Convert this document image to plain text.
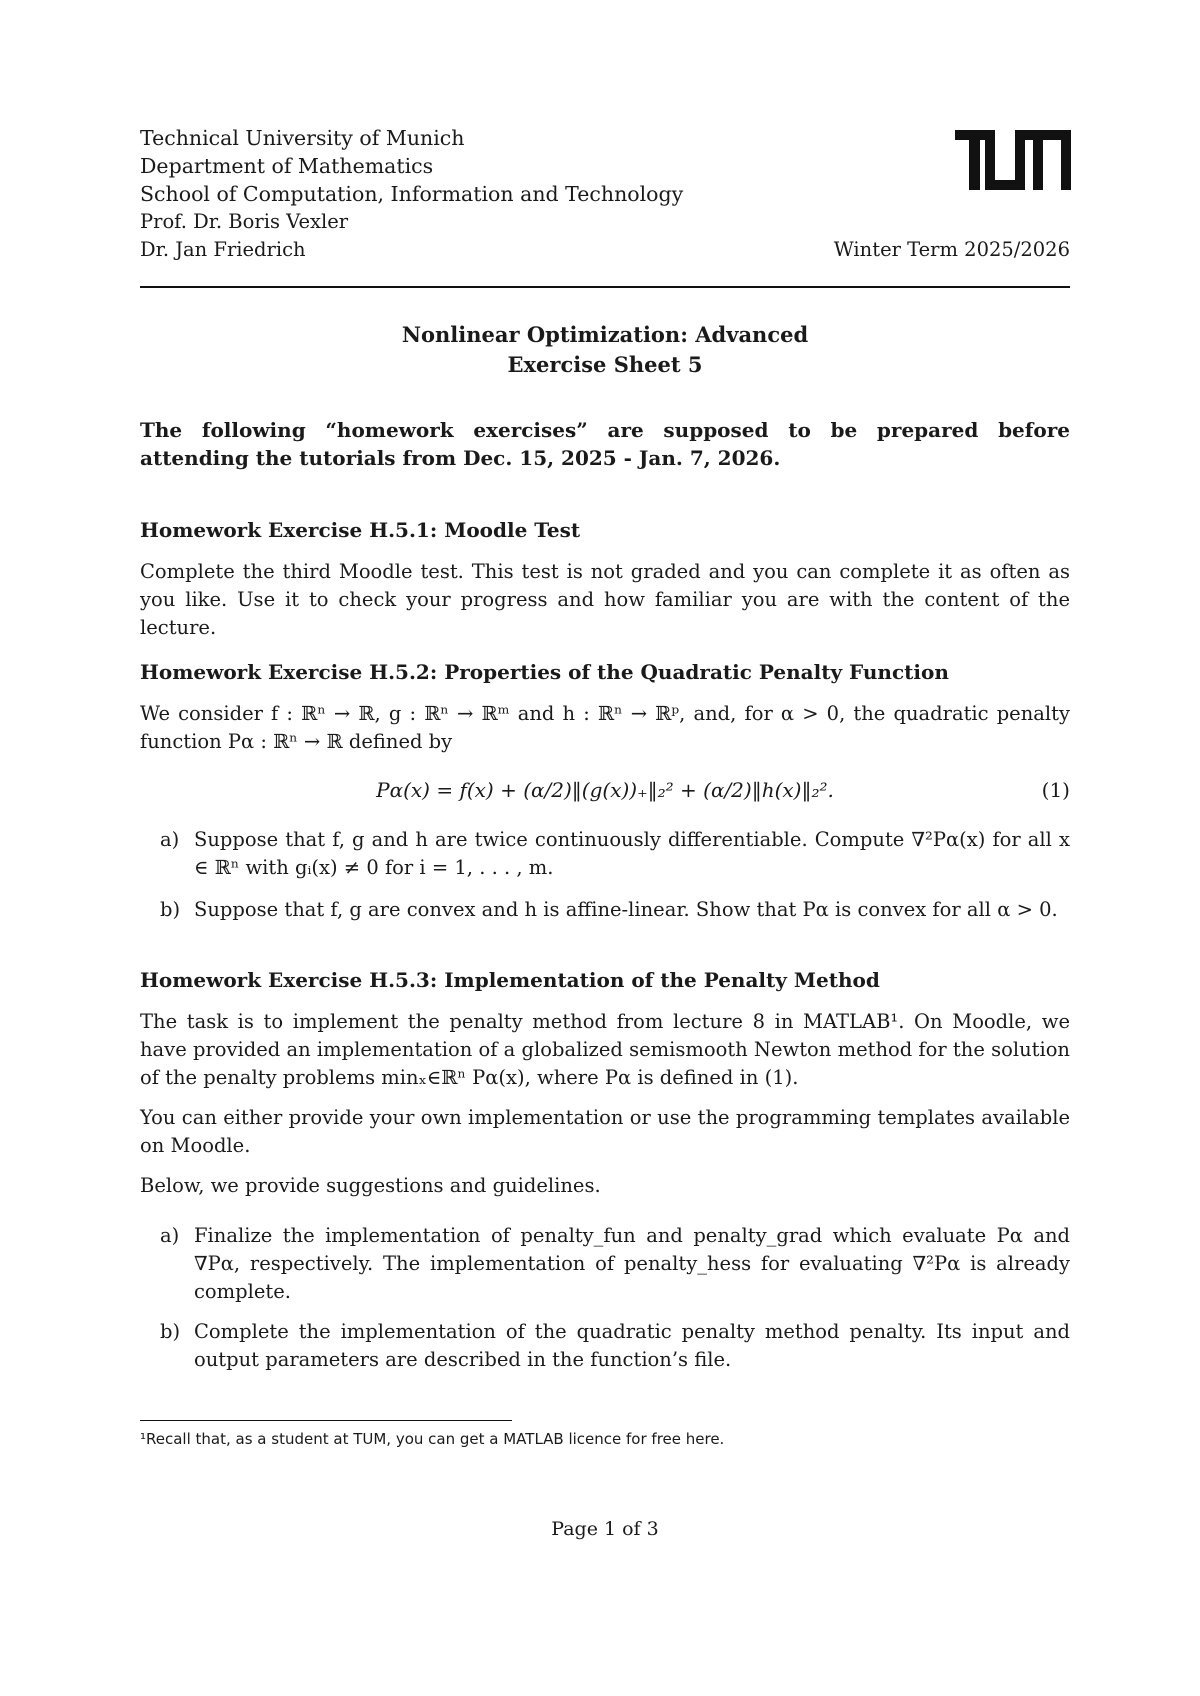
Technical University of Munich
Department of Mathematics
School of Computation, Information and Technology
Prof. Dr. Boris Vexler
Dr. Jan Friedrich	Winter Term 2025/2026
Nonlinear Optimization: Advanced
Exercise Sheet 5
The following “homework exercises” are supposed to be prepared before attending the tutorials from Dec. 15, 2025 - Jan. 7, 2026.
Homework Exercise H.5.1: Moodle Test
Complete the third Moodle test. This test is not graded and you can complete it as often as you like. Use it to check your progress and how familiar you are with the content of the lecture.
Homework Exercise H.5.2: Properties of the Quadratic Penalty Function
We consider f : ℝⁿ → ℝ, g : ℝⁿ → ℝᵐ and h : ℝⁿ → ℝᵖ, and, for α > 0, the quadratic penalty function Pα : ℝⁿ → ℝ defined by
Pα(x) = f(x) + (α/2)‖(g(x))₊‖₂² + (α/2)‖h(x)‖₂².	(1)
a) Suppose that f, g and h are twice continuously differentiable. Compute ∇²Pα(x) for all x ∈ ℝⁿ with gᵢ(x) ≠ 0 for i = 1, . . . , m.
b) Suppose that f, g are convex and h is affine-linear. Show that Pα is convex for all α > 0.
Homework Exercise H.5.3: Implementation of the Penalty Method
The task is to implement the penalty method from lecture 8 in MATLAB¹. On Moodle, we have provided an implementation of a globalized semismooth Newton method for the solution of the penalty problems minₓ∈ℝⁿ Pα(x), where Pα is defined in (1).
You can either provide your own implementation or use the programming templates available on Moodle.
Below, we provide suggestions and guidelines.
a) Finalize the implementation of penalty_fun and penalty_grad which evaluate Pα and ∇Pα, respectively. The implementation of penalty_hess for evaluating ∇²Pα is already complete.
b) Complete the implementation of the quadratic penalty method penalty. Its input and output parameters are described in the function’s file.
¹Recall that, as a student at TUM, you can get a MATLAB licence for free here.
Page 1 of 3
